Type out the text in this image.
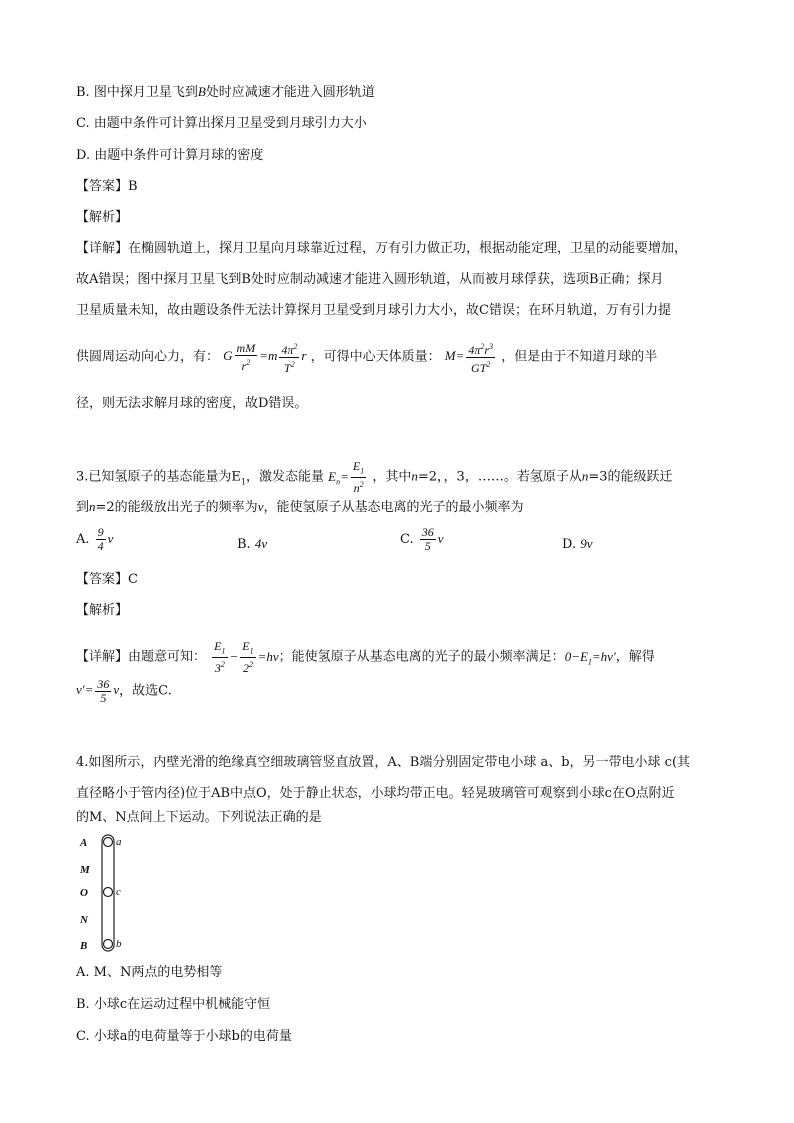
B. 图中探月卫星飞到B处时应减速才能进入圆形轨道
C. 由题中条件可计算出探月卫星受到月球引力大小
D. 由题中条件可计算月球的密度
【答案】B
【解析】
【详解】在椭圆轨道上，探月卫星向月球靠近过程，万有引力做正功，根据动能定理，卫星的动能要增加，
故A错误；图中探月卫星飞到B处时应制动减速才能进入圆形轨道，从而被月球俘获，选项B正确；探月
卫星质量未知，故由题设条件无法计算探月卫星受到月球引力大小，故C错误；在环月轨道，万有引力提
供圆周运动向心力，有： G $\frac{mM}{r^2} =m \frac{4\pi^2}{T^2}$ r ，可得中心天体质量： $M= \frac{4\pi^2r^3}{GT^2}$ ，但是由于不知道月球的半
径，则无法求解月球的密度，故D错误。
3.已知氢原子的基态能量为$E_1$，激发态能量 $E_n= \frac{E_1}{n^2}$ ，其中n=2，，3，……。若氢原子从n=3的能级跃迁
到n=2的能级放出光子的频率为ν，能使氢原子从基态电离的光子的最小频率为
A. $\frac{9}{4}$ ν	B. 4ν	C. $\frac{36}{5}$ ν	D. 9ν
【答案】C
【解析】
【详解】由题意可知： $\frac{E_1}{3^2} - \frac{E_1}{2^2} =h\nu$；能使氢原子从基态电离的光子的最小频率满足：$0-E_1=h\nu'$，解得
$\nu'= \frac{36}{5}$ ν，故选C.
4.如图所示，内壁光滑的绝缘真空细玻璃管竖直放置，A、B端分别固定带电小球 a、b，另一带电小球 c(其
直径略小于管内径)位于AB中点O，处于静止状态，小球均带正电。轻晃玻璃管可观察到小球c在O点附近
的M、N点间上下运动。下列说法正确的是
A
M
O
N
B
a
c
b
A. M、N两点的电势相等
B. 小球c在运动过程中机械能守恒
C. 小球a的电荷量等于小球b的电荷量
